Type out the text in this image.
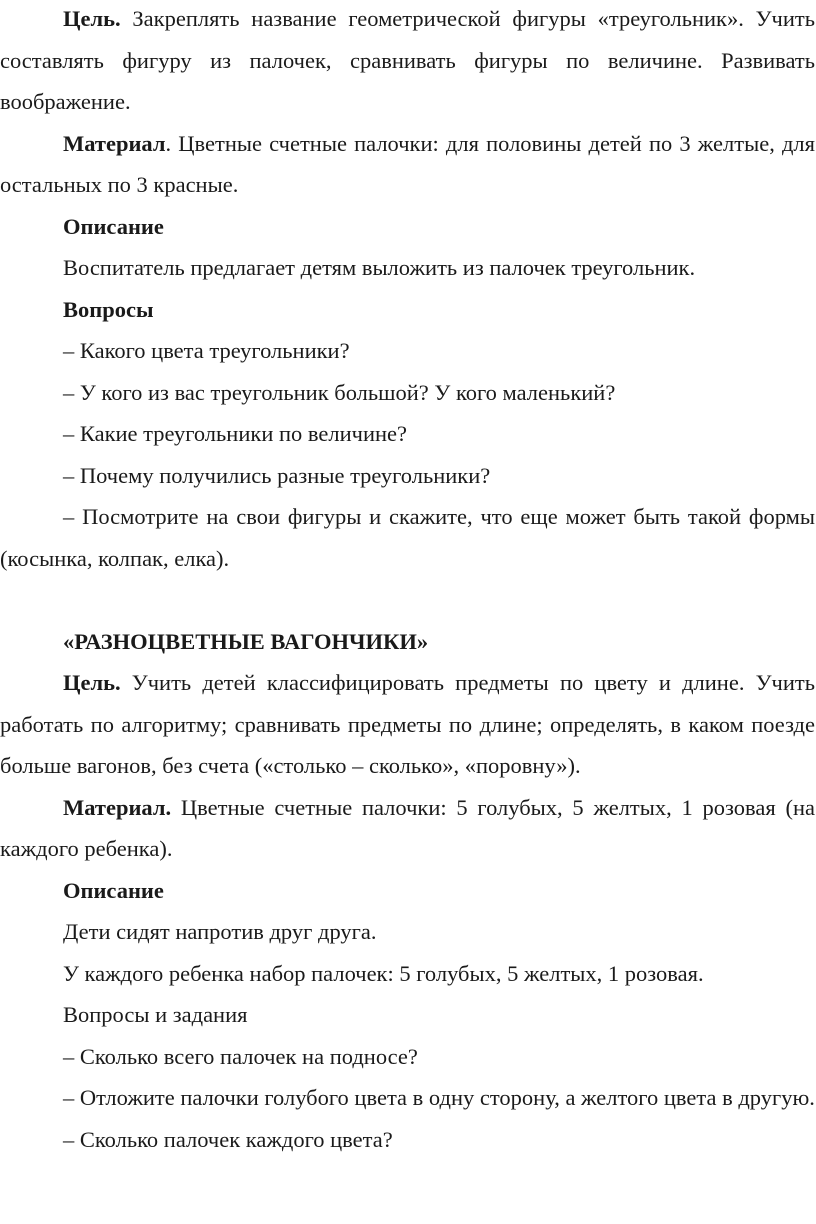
Цель. Закреплять название геометрической фигуры «треугольник». Учить составлять фигуру из палочек, сравнивать фигуры по величине. Развивать воображение.

Материал. Цветные счетные палочки: для половины детей по 3 желтые, для остальных по 3 красные.

Описание

Воспитатель предлагает детям выложить из палочек треугольник.

Вопросы

– Какого цвета треугольники?

– У кого из вас треугольник большой? У кого маленький?

– Какие треугольники по величине?

– Почему получились разные треугольники?

– Посмотрите на свои фигуры и скажите, что еще может быть такой формы (косынка, колпак, елка).

«РАЗНОЦВЕТНЫЕ ВАГОНЧИКИ»

Цель. Учить детей классифицировать предметы по цвету и длине. Учить работать по алгоритму; сравнивать предметы по длине; определять, в каком поезде больше вагонов, без счета («столько – сколько», «поровну»).

Материал. Цветные счетные палочки: 5 голубых, 5 желтых, 1 розовая (на каждого ребенка).

Описание

Дети сидят напротив друг друга.

У каждого ребенка набор палочек: 5 голубых, 5 желтых, 1 розовая.

Вопросы и задания

– Сколько всего палочек на подносе?

– Отложите палочки голубого цвета в одну сторону, а желтого цвета в другую.

– Сколько палочек каждого цвета?
